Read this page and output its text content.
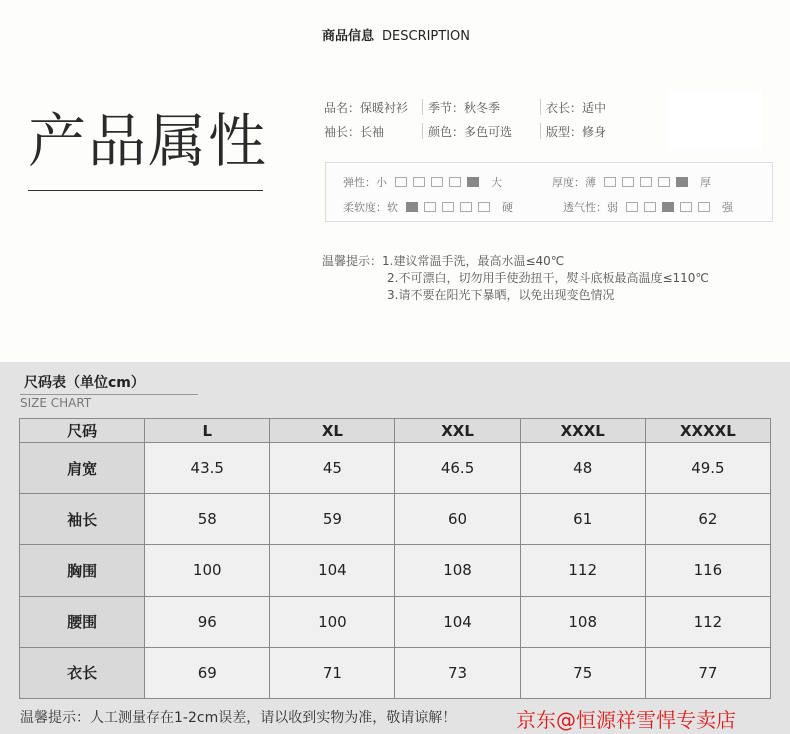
产品属性
商品信息 DESCRIPTION
品名：保暖衬衫 季节：秋冬季	衣长：适中
袖长：长袖	颜色：多色可选	版型：修身
弹性：小	大	厚度：薄	厚
柔软度：软	硬	透气性：弱	强
温馨提示：1.建议常温手洗，最高水温≤40℃
2.不可漂白，切勿用手使劲扭干，熨斗底板最高温度≤110℃
3.请不要在阳光下暴晒，以免出现变色情况
尺码表（单位cm）
SIZE CHART
尺码	L	XL	XXL	XXXL	XXXXL
肩宽	43.5	45	46.5	48	49.5
袖长	58	59	60	61	62
胸围	100	104	108	112	116
腰围	96	100	104	108	112
衣长	69	71	73	75	77
温馨提示：人工测量存在1-2cm误差，请以收到实物为准，敬请谅解！	京东@恒源祥雪悍专卖店
